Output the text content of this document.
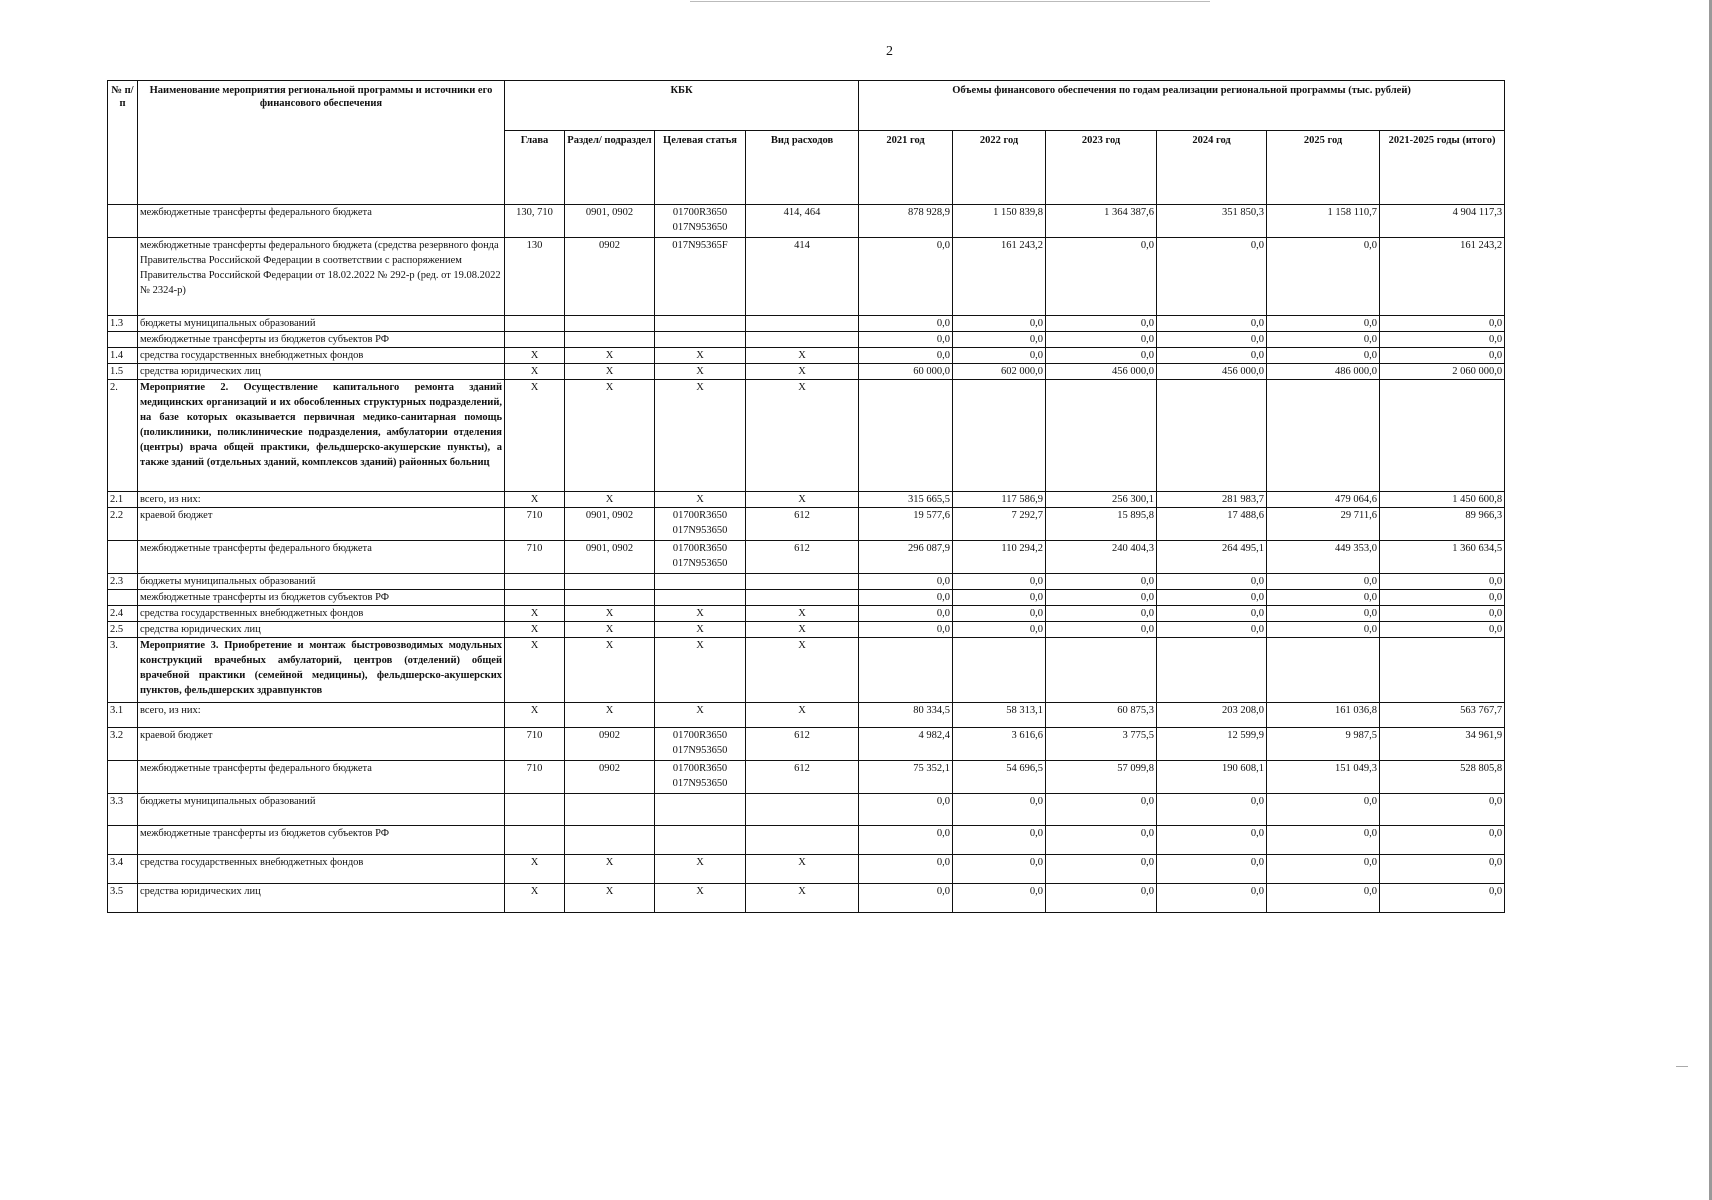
2
№ п/п	Наименование мероприятия региональной программы и источники его финансового обеспечения	КБК				Объемы финансового обеспечения по годам реализации региональной программы (тыс. рублей)					
		Глава	Раздел/ подраздел	Целевая статья	Вид расходов	2021 год	2022 год	2023 год	2024 год	2025 год	2021-2025 годы (итого)
	межбюджетные трансферты федерального бюджета	130, 710	0901, 0902	01700R3650 017N953650	414, 464	878 928,9	1 150 839,8	1 364 387,6	351 850,3	1 158 110,7	4 904 117,3
	межбюджетные трансферты федерального бюджета (средства резервного фонда Правительства Российской Федерации в соответствии с распоряжением Правительства Российской Федерации от 18.02.2022 № 292-р (ред. от 19.08.2022 № 2324-р)	130	0902	017N95365F	414	0,0	161 243,2	0,0	0,0	0,0	161 243,2
1.3	бюджеты муниципальных образований					0,0	0,0	0,0	0,0	0,0	0,0
	межбюджетные трансферты из бюджетов субъектов РФ					0,0	0,0	0,0	0,0	0,0	0,0
1.4	средства государственных внебюджетных фондов	Х	Х	Х	Х	0,0	0,0	0,0	0,0	0,0	0,0
1.5	средства юридических лиц	Х	Х	Х	Х	60 000,0	602 000,0	456 000,0	456 000,0	486 000,0	2 060 000,0
2.	Мероприятие 2. Осуществление капитального ремонта зданий медицинских организаций и их обособленных структурных подразделений, на базе которых оказывается первичная медико-санитарная помощь (поликлиники, поликлинические подразделения, амбулатории отделения (центры) врача общей практики, фельдшерско-акушерские пункты), а также зданий (отдельных зданий, комплексов зданий) районных больниц	Х	Х	Х	Х						
2.1	всего, из них:	Х	Х	Х	Х	315 665,5	117 586,9	256 300,1	281 983,7	479 064,6	1 450 600,8
2.2	краевой бюджет	710	0901, 0902	01700R3650 017N953650	612	19 577,6	7 292,7	15 895,8	17 488,6	29 711,6	89 966,3
	межбюджетные трансферты федерального бюджета	710	0901, 0902	01700R3650 017N953650	612	296 087,9	110 294,2	240 404,3	264 495,1	449 353,0	1 360 634,5
2.3	бюджеты муниципальных образований					0,0	0,0	0,0	0,0	0,0	0,0
	межбюджетные трансферты из бюджетов субъектов РФ					0,0	0,0	0,0	0,0	0,0	0,0
2.4	средства государственных внебюджетных фондов	Х	Х	Х	Х	0,0	0,0	0,0	0,0	0,0	0,0
2.5	средства юридических лиц	Х	Х	Х	Х	0,0	0,0	0,0	0,0	0,0	0,0
3.	Мероприятие 3. Приобретение и монтаж быстровозводимых модульных конструкций врачебных амбулаторий, центров (отделений) общей врачебной практики (семейной медицины), фельдшерско-акушерских пунктов, фельдшерских здравпунктов	Х	Х	Х	Х						
3.1	всего, из них:	Х	Х	Х	Х	80 334,5	58 313,1	60 875,3	203 208,0	161 036,8	563 767,7
3.2	краевой бюджет	710	0902	01700R3650 017N953650	612	4 982,4	3 616,6	3 775,5	12 599,9	9 987,5	34 961,9
	межбюджетные трансферты федерального бюджета	710	0902	01700R3650 017N953650	612	75 352,1	54 696,5	57 099,8	190 608,1	151 049,3	528 805,8
3.3	бюджеты муниципальных образований					0,0	0,0	0,0	0,0	0,0	0,0
	межбюджетные трансферты из бюджетов субъектов РФ					0,0	0,0	0,0	0,0	0,0	0,0
3.4	средства государственных внебюджетных фондов	Х	Х	Х	Х	0,0	0,0	0,0	0,0	0,0	0,0
3.5	средства юридических лиц	Х	Х	Х	Х	0,0	0,0	0,0	0,0	0,0	0,0
